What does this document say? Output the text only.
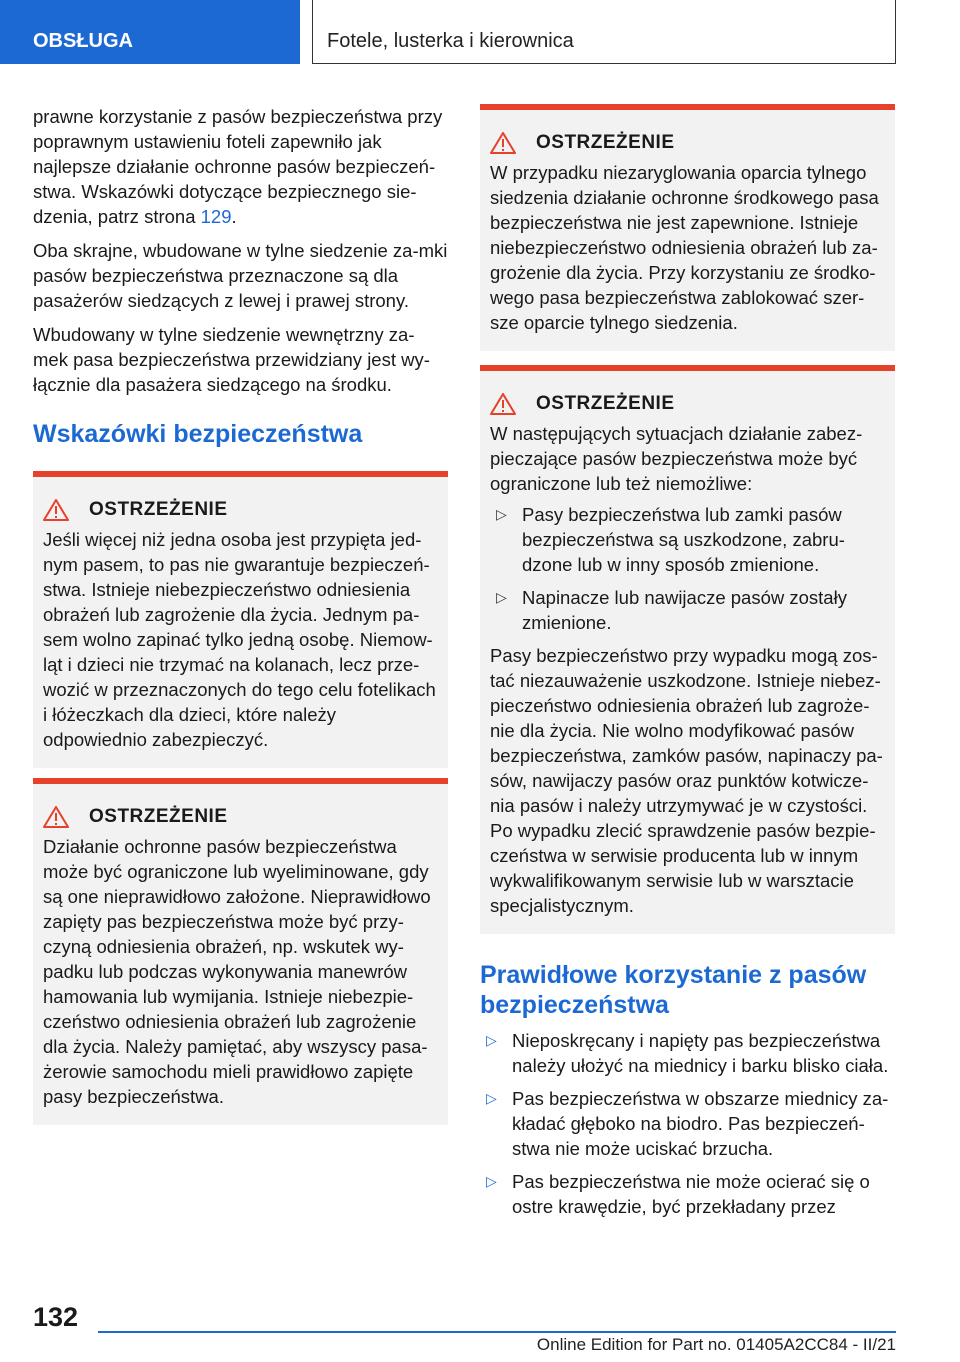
OBSŁUGA	Fotele, lusterka i kierownica

prawne korzystanie z pasów bezpieczeństwa przy poprawnym ustawieniu foteli zapewniło jak najlepsze działanie ochronne pasów bezpieczeń-stwa. Wskazówki dotyczące bezpiecznego sie-dzenia, patrz strona 129.

Oba skrajne, wbudowane w tylne siedzenie za-mki pasów bezpieczeństwa przeznaczone są dla pasażerów siedzących z lewej i prawej strony.

Wbudowany w tylne siedzenie wewnętrzny za-mek pasa bezpieczeństwa przewidziany jest wy-łącznie dla pasażera siedzącego na środku.

Wskazówki bezpieczeństwa
OSTRZEŻENIE

Jeśli więcej niż jedna osoba jest przypięta jed-nym pasem, to pas nie gwarantuje bezpieczeń-stwa. Istnieje niebezpieczeństwo odniesienia obrażeń lub zagrożenie dla życia. Jednym pa-sem wolno zapinać tylko jedną osobę. Niemow-ląt i dzieci nie trzymać na kolanach, lecz prze-wozić w przeznaczonych do tego celu fotelikach i łóżeczkach dla dzieci, które należy odpowiednio zabezpieczyć.

OSTRZEŻENIE

Działanie ochronne pasów bezpieczeństwa może być ograniczone lub wyeliminowane, gdy są one nieprawidłowo założone. Nieprawidłowo zapięty pas bezpieczeństwa może być przy-czyną odniesienia obrażeń, np. wskutek wy-padku lub podczas wykonywania manewrów hamowania lub wymijania. Istnieje niebezpie-czeństwo odniesienia obrażeń lub zagrożenie dla życia. Należy pamiętać, aby wszyscy pasa-żerowie samochodu mieli prawidłowo zapięte pasy bezpieczeństwa.

OSTRZEŻENIE

W przypadku niezaryglowania oparcia tylnego siedzenia działanie ochronne środkowego pasa bezpieczeństwa nie jest zapewnione. Istnieje niebezpieczeństwo odniesienia obrażeń lub za-grożenie dla życia. Przy korzystaniu ze środko-wego pasa bezpieczeństwa zablokować szer-sze oparcie tylnego siedzenia.

OSTRZEŻENIE

W następujących sytuacjach działanie zabez-pieczające pasów bezpieczeństwa może być ograniczone lub też niemożliwe:

▷ Pasy bezpieczeństwa lub zamki pasów bezpieczeństwa są uszkodzone, zabru-dzone lub w inny sposób zmienione.
▷ Napinacze lub nawijacze pasów zostały zmienione.

Pasy bezpieczeństwo przy wypadku mogą zos-tać niezauważenie uszkodzone. Istnieje niebez-pieczeństwo odniesienia obrażeń lub zagroże-nie dla życia. Nie wolno modyfikować pasów bezpieczeństwa, zamków pasów, napinaczy pa-sów, nawijaczy pasów oraz punktów kotwicze-nia pasów i należy utrzymywać je w czystości. Po wypadku zlecić sprawdzenie pasów bezpie-czeństwa w serwisie producenta lub w innym wykwalifikowanym serwisie lub w warsztacie specjalistycznym.

Prawidłowe korzystanie z pasów bezpieczeństwa
▷ Nieposkręcany i napięty pas bezpieczeństwa należy ułożyć na miednicy i barku blisko ciała.
▷ Pas bezpieczeństwa w obszarze miednicy za-kładać głęboko na biodro. Pas bezpieczeń-stwa nie może uciskać brzucha.
▷ Pas bezpieczeństwa nie może ocierać się o ostre krawędzie, być przekładany przez
132
Online Edition for Part no. 01405A2CC84 - II/21
